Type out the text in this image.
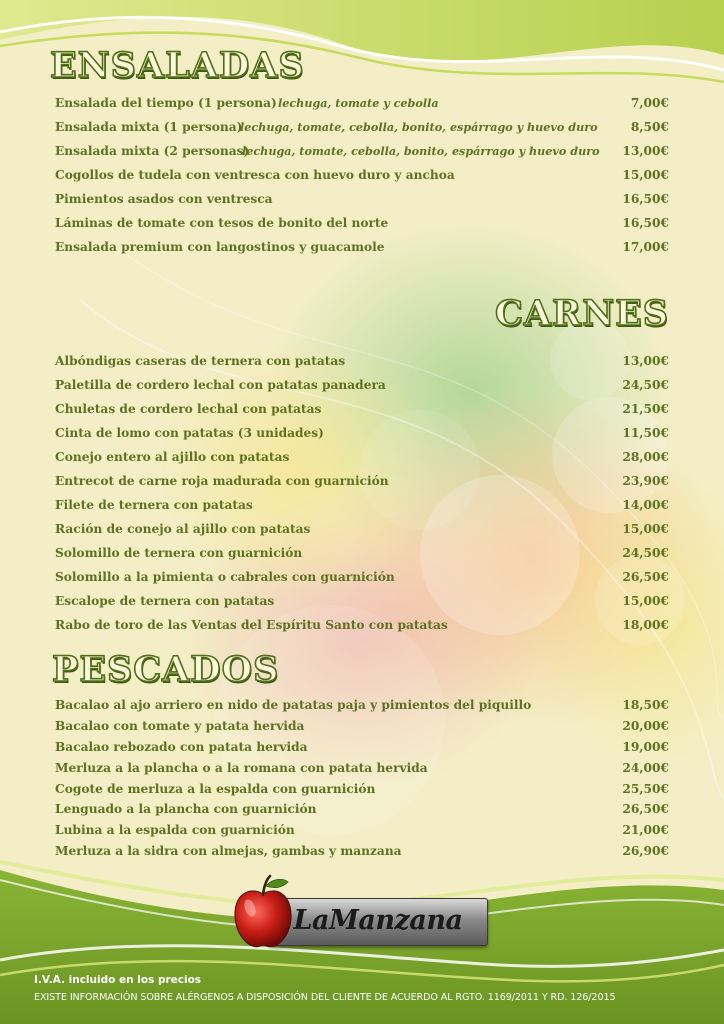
ENSALADAS
Ensalada del tiempo (1 persona) lechuga, tomate y cebolla	7,00€
Ensalada mixta (1 persona)
lechuga, tomate, cebolla, bonito, espárrago y huevo duro	8,50€
Ensalada mixta (2 personas)
lechuga, tomate, cebolla, bonito, espárrago y huevo duro 13,00€
Cogollos de tudela con ventresca con huevo duro y anchoa	15,00€
Pimientos asados con ventresca	16,50€
Láminas de tomate con tesos de bonito del norte	16,50€
Ensalada premium con langostinos y guacamole	17,00€
CARNES
Albóndigas caseras de ternera con patatas	13,00€
Paletilla de cordero lechal con patatas panadera	24,50€
Chuletas de cordero lechal con patatas	21,50€
Cinta de lomo con patatas (3 unidades)	11,50€
Conejo entero al ajillo con patatas	28,00€
Entrecot de carne roja madurada con guarnición	23,90€
Filete de ternera con patatas	14,00€
Ración de conejo al ajillo con patatas	15,00€
Solomillo de ternera con guarnición	24,50€
Solomillo a la pimienta o cabrales con guarnición	26,50€
Escalope de ternera con patatas	15,00€
Rabo de toro de las Ventas del Espíritu Santo con patatas	18,00€
PESCADOS
Bacalao al ajo arriero en nido de patatas paja y pimientos del piquillo	18,50€
Bacalao con tomate y patata hervida	20,00€
Bacalao rebozado con patata hervida	19,00€
Merluza a la plancha o a la romana con patata hervida	24,00€
Cogote de merluza a la espalda con guarnición	25,50€
Lenguado a la plancha con guarnición	26,50€
Lubina a la espalda con guarnición	21,00€
Merluza a la sidra con almejas, gambas y manzana	26,90€
LaManzana
I.V.A. incluido en los precios
EXISTE INFORMACIÓN SOBRE ALÉRGENOS A DISPOSICIÓN DEL CLIENTE DE ACUERDO AL RGTO. 1169/2011 Y RD. 126/2015
